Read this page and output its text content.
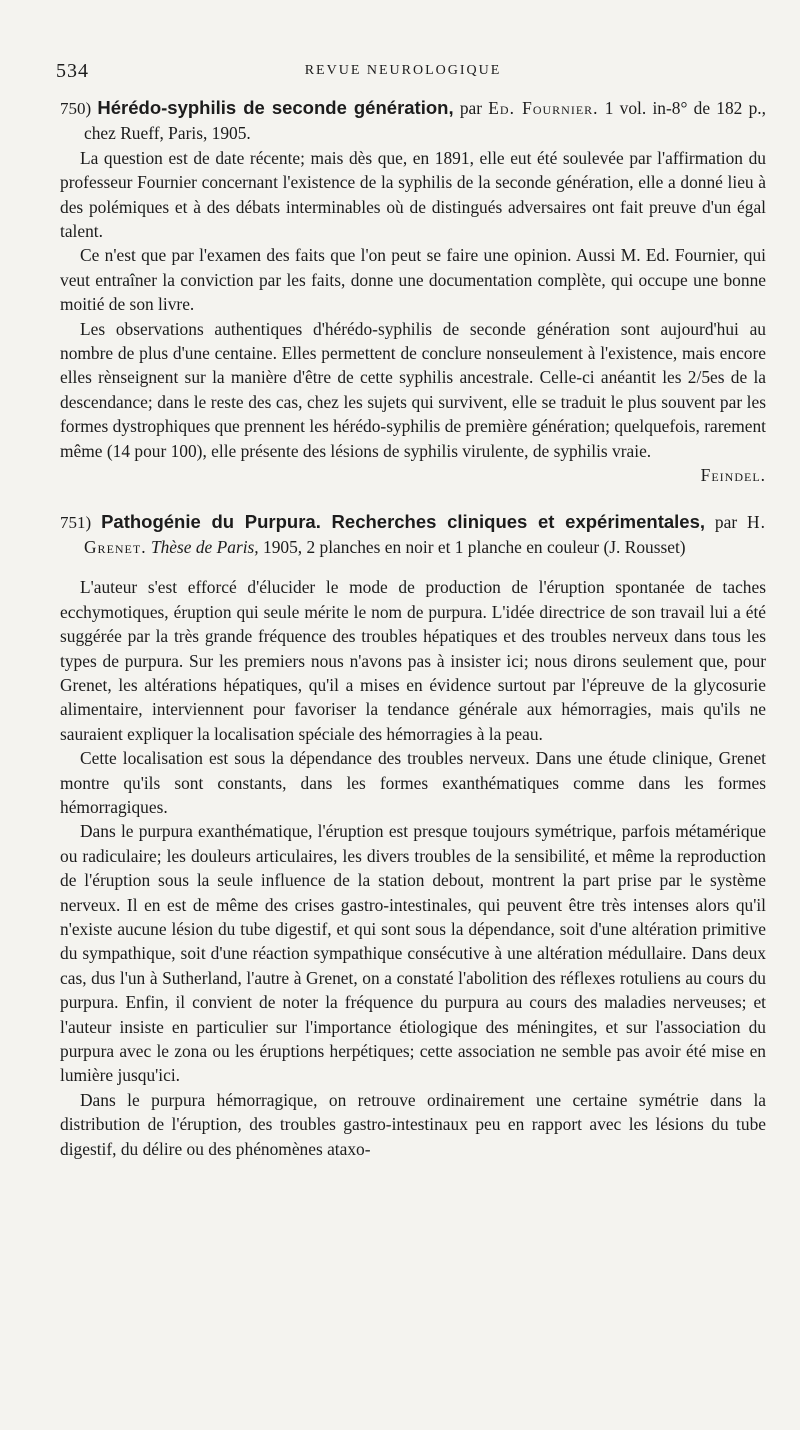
534	REVUE NEUROLOGIQUE

750) Hérédo-syphilis de seconde génération, par Ed. Fournier. 1 vol. in-8° de 182 p., chez Rueff, Paris, 1905.

La question est de date récente; mais dès que, en 1891, elle eut été soulevée par l'affirmation du professeur Fournier concernant l'existence de la syphilis de la seconde génération, elle a donné lieu à des polémiques et à des débats interminables où de distingués adversaires ont fait preuve d'un égal talent.

Ce n'est que par l'examen des faits que l'on peut se faire une opinion. Aussi M. Ed. Fournier, qui veut entraîner la conviction par les faits, donne une documentation complète, qui occupe une bonne moitié de son livre.

Les observations authentiques d'hérédo-syphilis de seconde génération sont aujourd'hui au nombre de plus d'une centaine. Elles permettent de conclure nonseulement à l'existence, mais encore elles rènseignent sur la manière d'être de cette syphilis ancestrale. Celle-ci anéantit les 2/5es de la descendance; dans le reste des cas, chez les sujets qui survivent, elle se traduit le plus souvent par les formes dystrophiques que prennent les hérédo-syphilis de première génération; quelquefois, rarement même (14 pour 100), elle présente des lésions de syphilis virulente, de syphilis vraie.

Feindel.

751) Pathogénie du Purpura. Recherches cliniques et expérimentales, par H. Grenet. Thèse de Paris, 1905, 2 planches en noir et 1 planche en couleur (J. Rousset)

L'auteur s'est efforcé d'élucider le mode de production de l'éruption spontanée de taches ecchymotiques, éruption qui seule mérite le nom de purpura. L'idée directrice de son travail lui a été suggérée par la très grande fréquence des troubles hépatiques et des troubles nerveux dans tous les types de purpura. Sur les premiers nous n'avons pas à insister ici; nous dirons seulement que, pour Grenet, les altérations hépatiques, qu'il a mises en évidence surtout par l'épreuve de la glycosurie alimentaire, interviennent pour favoriser la tendance générale aux hémorragies, mais qu'ils ne sauraient expliquer la localisation spéciale des hémorragies à la peau.

Cette localisation est sous la dépendance des troubles nerveux. Dans une étude clinique, Grenet montre qu'ils sont constants, dans les formes exanthématiques comme dans les formes hémorragiques.

Dans le purpura exanthématique, l'éruption est presque toujours symétrique, parfois métamérique ou radiculaire; les douleurs articulaires, les divers troubles de la sensibilité, et même la reproduction de l'éruption sous la seule influence de la station debout, montrent la part prise par le système nerveux. Il en est de même des crises gastro-intestinales, qui peuvent être très intenses alors qu'il n'existe aucune lésion du tube digestif, et qui sont sous la dépendance, soit d'une altération primitive du sympathique, soit d'une réaction sympathique consécutive à une altération médullaire. Dans deux cas, dus l'un à Sutherland, l'autre à Grenet, on a constaté l'abolition des réflexes rotuliens au cours du purpura. Enfin, il convient de noter la fréquence du purpura au cours des maladies nerveuses; et l'auteur insiste en particulier sur l'importance étiologique des méningites, et sur l'association du purpura avec le zona ou les éruptions herpétiques; cette association ne semble pas avoir été mise en lumière jusqu'ici.

Dans le purpura hémorragique, on retrouve ordinairement une certaine symétrie dans la distribution de l'éruption, des troubles gastro-intestinaux peu en rapport avec les lésions du tube digestif, du délire ou des phénomènes ataxo-
